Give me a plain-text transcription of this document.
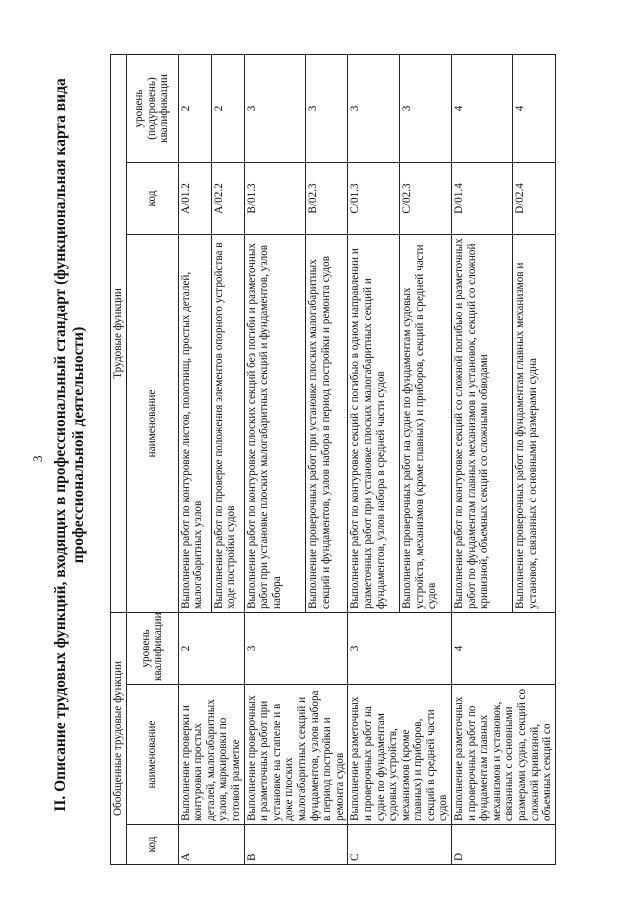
3 II. Описание трудовых функций, входящих в профессиональный стандарт (функциональная карта вида профессиональной деятельности)
Обобщенные трудовые функции			Трудовые функции		
код	наименование	уровень квалификации	наименование	код	уровень (подуровень) квалификации
A	Выполнение проверки и контуровки простых деталей, малогабаритных узлов, маркировки по готовой разметке	2	Выполнение работ по контуровке листов, полотнищ, простых деталей, малогабаритных узлов	A/01.2	2
			Выполнение работ по проверке положения элементов опорного устройства в ходе постройки судов	A/02.2	2
B	Выполнение проверочных и разметочных работ при установке на стапеле и в доке плоских малогабаритных секций и фундаментов, узлов набора в период постройки и ремонта судов	3	Выполнение работ по контуровке плоских секций без погиби и разметочных работ при установке плоских малогабаритных секций и фундаментов, узлов набора	B/01.3	3
			Выполнение проверочных работ при установке плоских малогабаритных секций и фундаментов, узлов набора в период постройки и ремонта судов	B/02.3	3
C	Выполнение разметочных и проверочных работ на судне по фундаментам судовых устройств, механизмов (кроме главных) и приборов, секций в средней части судов	3	Выполнение работ по контуровке секций с погибью в одном направлении и разметочных работ при установке плоских малогабаритных секций и фундаментов, узлов набора в средней части судов	C/01.3	3
			Выполнение проверочных работ на судне по фундаментам судовых устройств, механизмов (кроме главных) и приборов, секций в средней части судов	C/02.3	3
D	Выполнение разметочных и проверочных работ по фундаментам главных механизмов и установок, связанных с основными размерами судна, секций со сложной кривизной, объемных секций со	4	Выполнение работ по контуровке секций со сложной погибью и разметочных работ по фундаментам главных механизмов и установок, секций со сложной кривизной, объемных секций со сложными обводами	D/01.4	4
			Выполнение проверочных работ по фундаментам главных механизмов и установок, связанных с основными размерами судна	D/02.4	4
